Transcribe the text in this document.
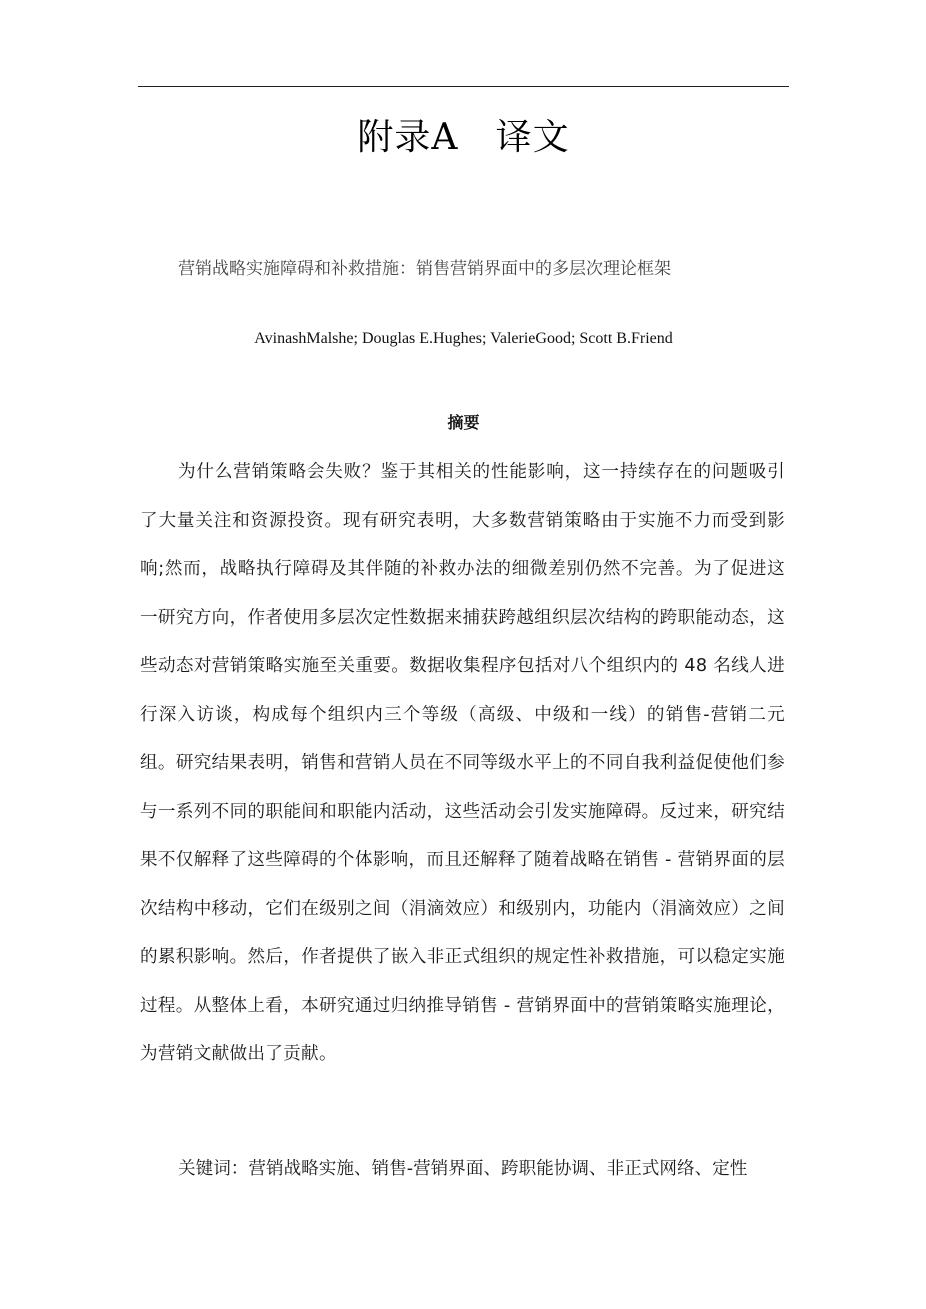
附录A   译文
营销战略实施障碍和补救措施：销售营销界面中的多层次理论框架
AvinashMalshe; Douglas E.Hughes; ValerieGood; Scott B.Friend
摘要

为什么营销策略会失败？鉴于其相关的性能影响，这一持续存在的问题吸引了大量关注和资源投资。现有研究表明，大多数营销策略由于实施不力而受到影响;然而，战略执行障碍及其伴随的补救办法的细微差别仍然不完善。为了促进这一研究方向，作者使用多层次定性数据来捕获跨越组织层次结构的跨职能动态，这些动态对营销策略实施至关重要。数据收集程序包括对八个组织内的 48 名线人进行深入访谈，构成每个组织内三个等级（高级、中级和一线）的销售-营销二元组。研究结果表明，销售和营销人员在不同等级水平上的不同自我利益促使他们参与一系列不同的职能间和职能内活动，这些活动会引发实施障碍。反过来，研究结果不仅解释了这些障碍的个体影响，而且还解释了随着战略在销售 - 营销界面的层次结构中移动，它们在级别之间（涓滴效应）和级别内，功能内（涓滴效应）之间的累积影响。然后，作者提供了嵌入非正式组织的规定性补救措施，可以稳定实施过程。从整体上看，本研究通过归纳推导销售 - 营销界面中的营销策略实施理论，为营销文献做出了贡献。

关键词：营销战略实施、销售-营销界面、跨职能协调、非正式网络、定性
